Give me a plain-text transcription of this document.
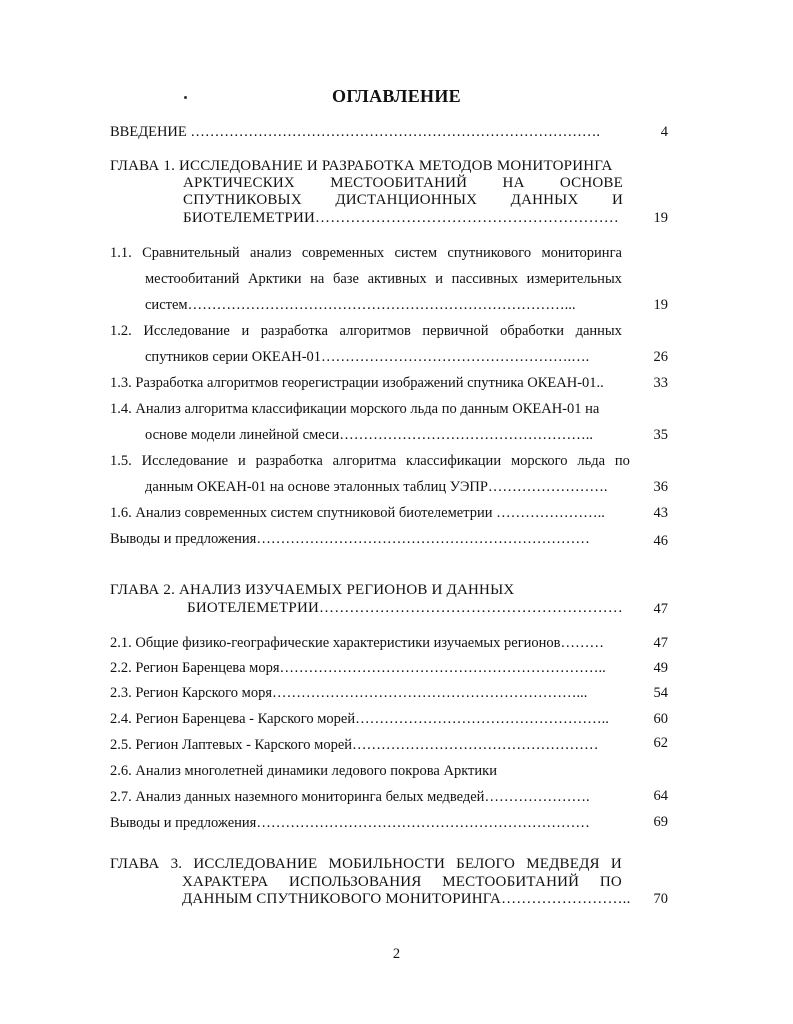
ОГЛАВЛЕНИЕ
ВВЕДЕНИЕ ………………………………………………………………………….	4
ГЛАВА 1. ИССЛЕДОВАНИЕ И РАЗРАБОТКА МЕТОДОВ МОНИТОРИНГА
АРКТИЧЕСКИХ МЕСТООБИТАНИЙ НА ОСНОВЕ
СПУТНИКОВЫХ ДИСТАНЦИОННЫХ ДАННЫХ И
БИОТЕЛЕМЕТРИИ……………………………………………………	19
1.1. Сравнительный анализ современных систем спутникового мониторинга
местообитаний Арктики на базе активных и пассивных измерительных
систем……………………………………………………………………...	19
1.2. Исследование и разработка алгоритмов первичной обработки данных
спутников серии ОКЕАН-01…………………………………………….….	26
1.3. Разработка алгоритмов георегистрации изображений спутника ОКЕАН-01..	33
1.4. Анализ алгоритма классификации морского льда по данным ОКЕАН-01 на
основе модели линейной смеси……………………………………………..	35
1.5. Исследование и разработка алгоритма классификации морского льда по
данным ОКЕАН-01 на основе эталонных таблиц УЭПР…………………….	36
1.6. Анализ современных систем спутниковой биотелеметрии …………………..	43
Выводы и предложения……………………………………………………………	46
ГЛАВА 2. АНАЛИЗ ИЗУЧАЕМЫХ РЕГИОНОВ И ДАННЫХ
БИОТЕЛЕМЕТРИИ……………………………………………………	47
2.1. Общие физико-географические характеристики изучаемых регионов………	47
2.2. Регион Баренцева моря…………………………………………………………..	49
2.3. Регион Карского моря………………………………………………………...	54
2.4. Регион Баренцева - Карского морей……………………………………………..	60
2.5. Регион Лаптевых - Карского морей……………………………………………	62
2.6. Анализ многолетней динамики ледового покрова Арктики
2.7. Анализ данных наземного мониторинга белых медведей………………….	64
Выводы и предложения……………………………………………………………	69
ГЛАВА 3. ИССЛЕДОВАНИЕ МОБИЛЬНОСТИ БЕЛОГО МЕДВЕДЯ И
ХАРАКТЕРА ИСПОЛЬЗОВАНИЯ МЕСТООБИТАНИЙ ПО
ДАННЫМ СПУТНИКОВОГО МОНИТОРИНГА……………………..	70
2
